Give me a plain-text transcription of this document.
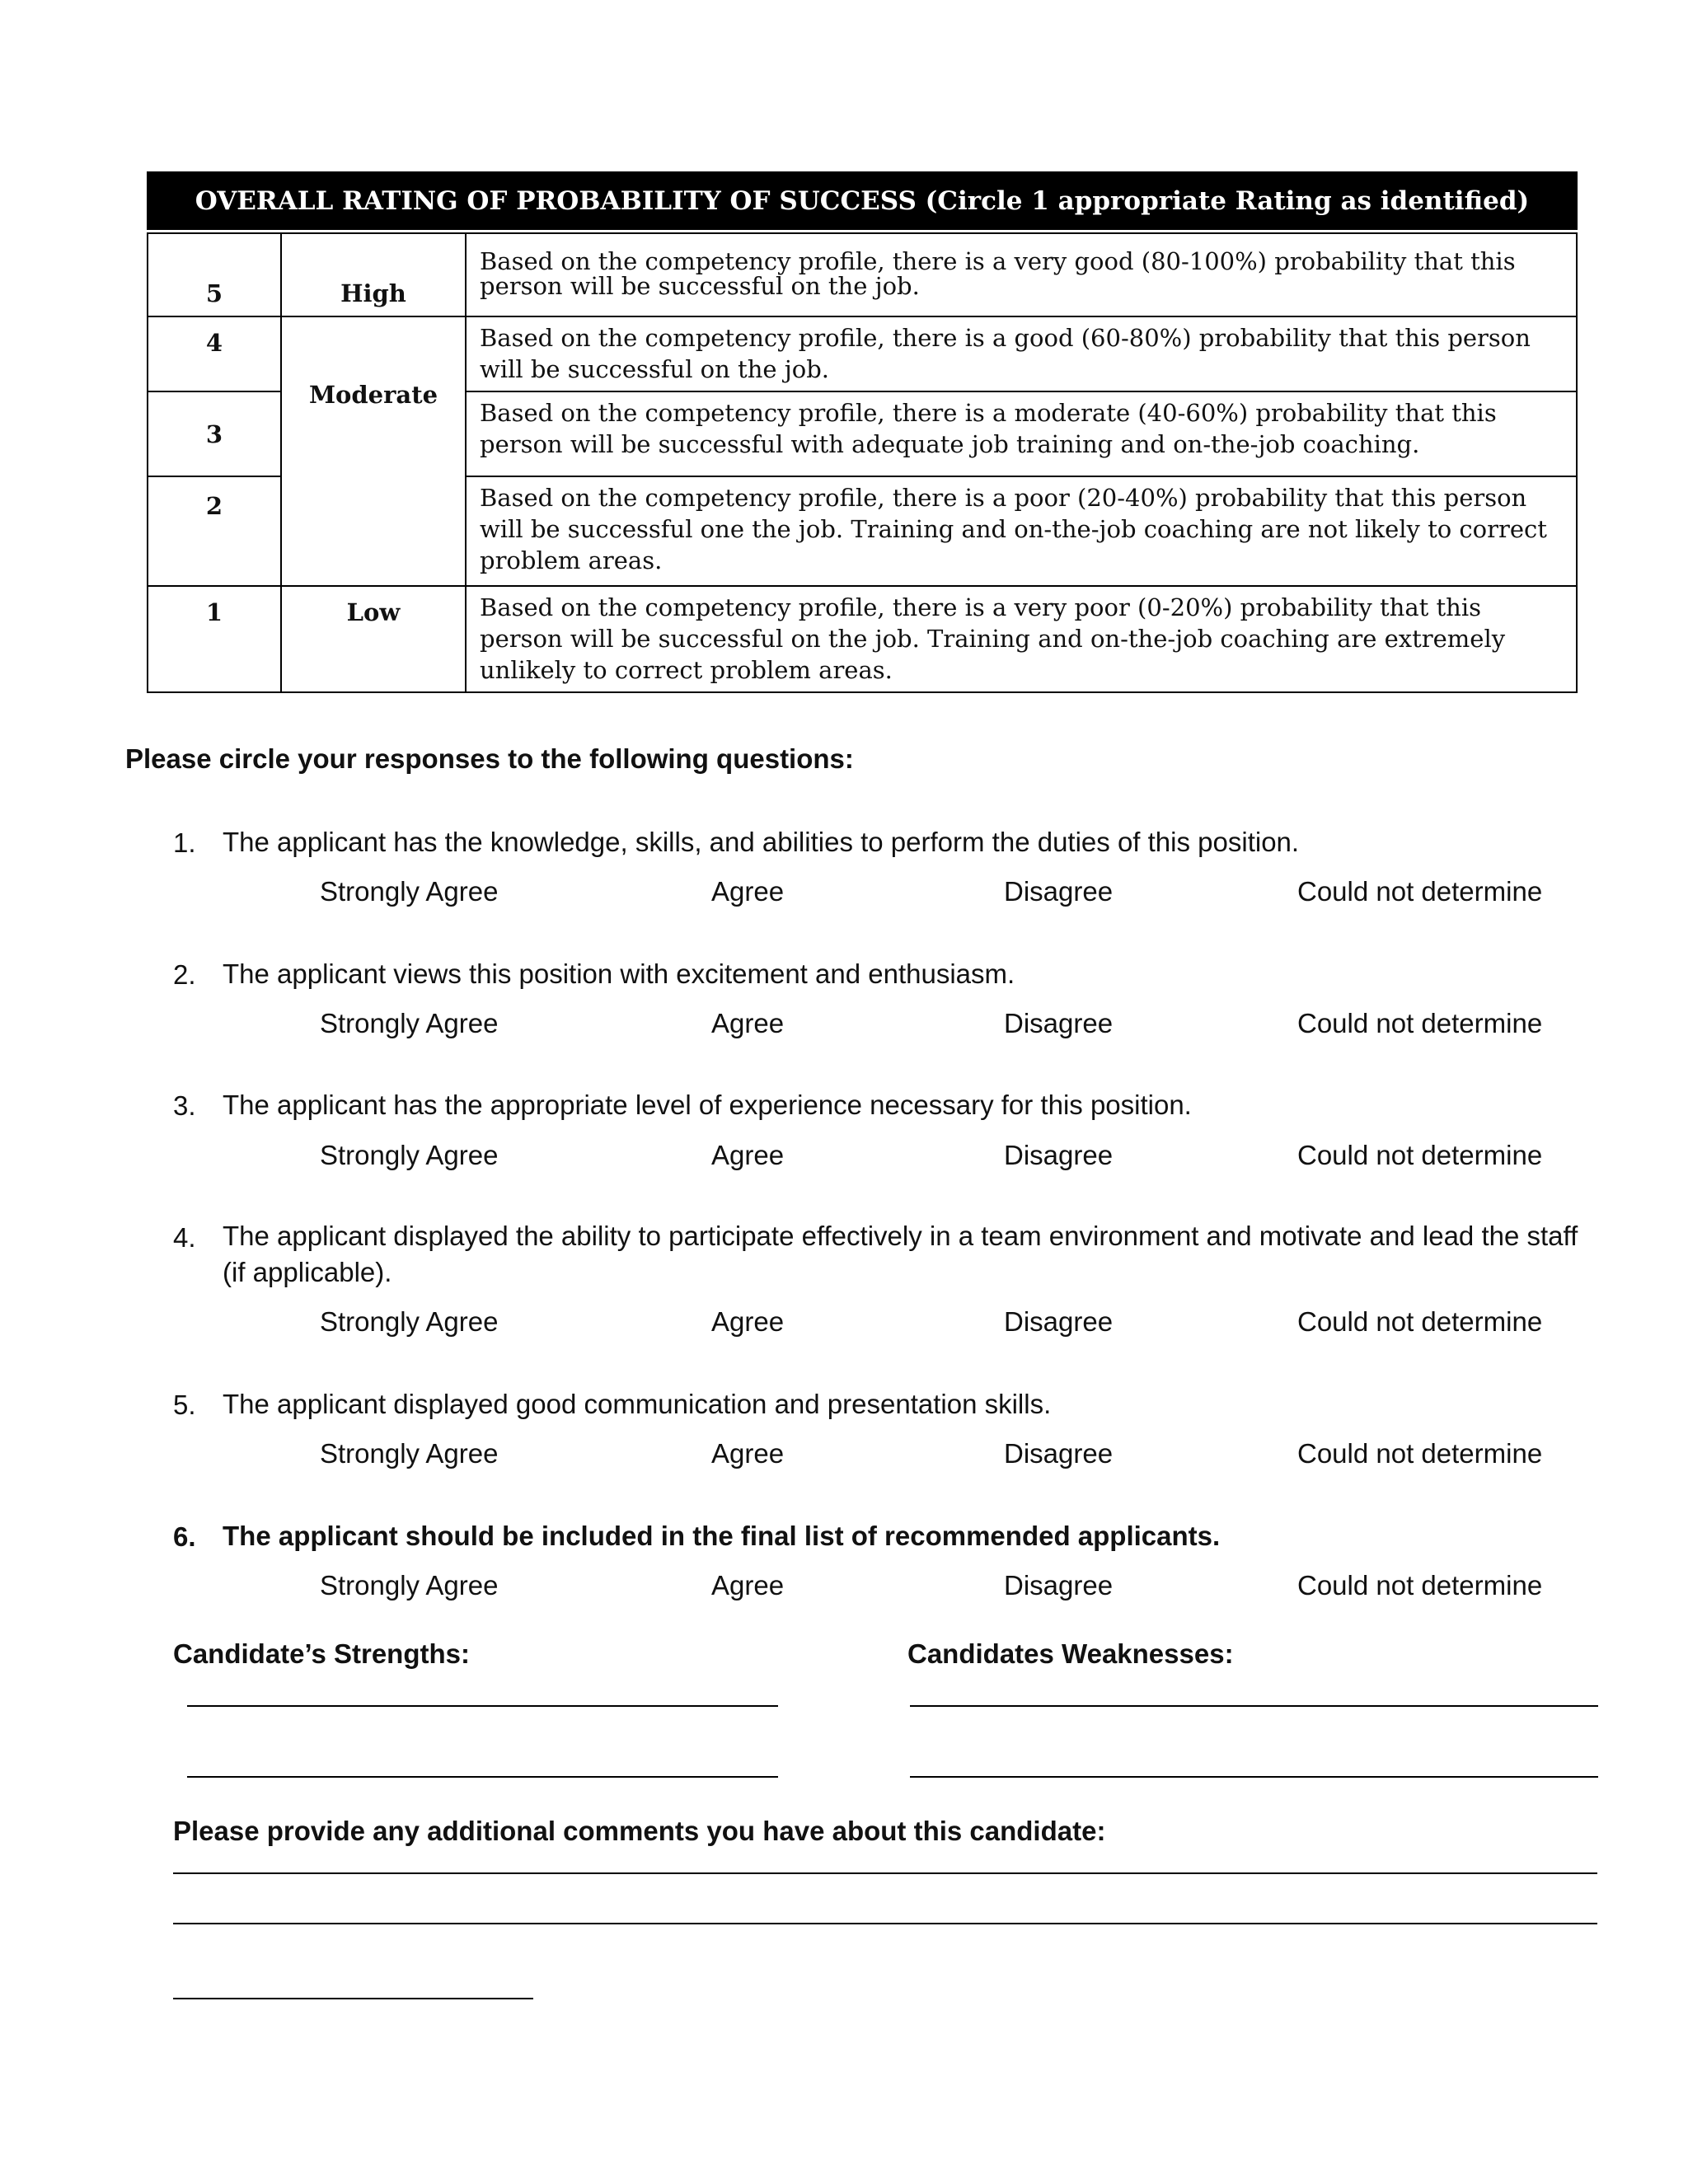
OVERALL RATING OF PROBABILITY OF SUCCESS (Circle 1 appropriate Rating as identified)		

5	High	Based on the competency profile, there is a very good (80-100%) probability that this person will be successful on the job.
4	Moderate	Based on the competency profile, there is a good (60-80%) probability that this person will be successful on the job.
3		Based on the competency profile, there is a moderate (40-60%) probability that this person will be successful with adequate job training and on-the-job coaching.
2		Based on the competency profile, there is a poor (20-40%) probability that this person will be successful one the job. Training and on-the-job coaching are not likely to correct problem areas.
1	Low	Based on the competency profile, there is a very poor (0-20%) probability that this person will be successful on the job. Training and on-the-job coaching are extremely unlikely to correct problem areas.
Please circle your responses to the following questions:
1. The applicant has the knowledge, skills, and abilities to perform the duties of this position.
Strongly Agree	Agree	Disagree	Could not determine
2. The applicant views this position with excitement and enthusiasm.
Strongly Agree	Agree	Disagree	Could not determine
3. The applicant has the appropriate level of experience necessary for this position.
Strongly Agree	Agree	Disagree	Could not determine
4. The applicant displayed the ability to participate effectively in a team environment and motivate and lead the staff (if applicable).
Strongly Agree	Agree	Disagree	Could not determine
5. The applicant displayed good communication and presentation skills.
Strongly Agree	Agree	Disagree	Could not determine
6. The applicant should be included in the final list of recommended applicants.
Strongly Agree	Agree	Disagree	Could not determine
Candidate’s Strengths:	Candidates Weaknesses:
Please provide any additional comments you have about this candidate:
